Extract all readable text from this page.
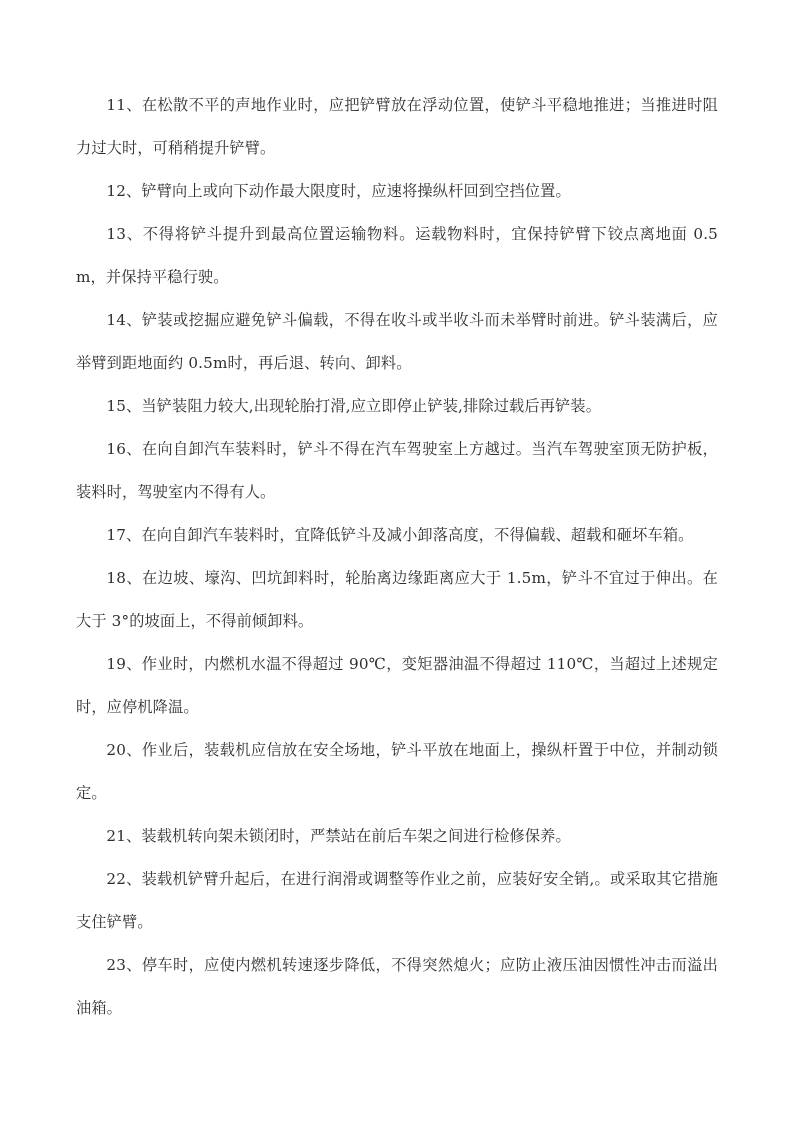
11、在松散不平的声地作业时，应把铲臂放在浮动位置，使铲斗平稳地推进；当推进时阻力过大时，可稍稍提升铲臂。

12、铲臂向上或向下动作最大限度时，应速将操纵杆回到空挡位置。

13、不得将铲斗提升到最高位置运输物料。运载物料时，宜保持铲臂下铰点离地面 0.5m，并保持平稳行驶。

14、铲装或挖掘应避免铲斗偏载，不得在收斗或半收斗而未举臂时前进。铲斗装满后，应举臂到距地面约 0.5m时，再后退、转向、卸料。

15、当铲装阻力较大,出现轮胎打滑,应立即停止铲装,排除过载后再铲装。

16、在向自卸汽车装料时，铲斗不得在汽车驾驶室上方越过。当汽车驾驶室顶无防护板，装料时，驾驶室内不得有人。

17、在向自卸汽车装料时，宜降低铲斗及减小卸落高度，不得偏载、超载和砸坏车箱。

18、在边坡、壕沟、凹坑卸料时，轮胎离边缘距离应大于 1.5m，铲斗不宜过于伸出。在大于 3°的坡面上，不得前倾卸料。

19、作业时，内燃机水温不得超过 90℃，变矩器油温不得超过 110℃，当超过上述规定时，应停机降温。

20、作业后，装载机应信放在安全场地，铲斗平放在地面上，操纵杆置于中位，并制动锁定。

21、装载机转向架未锁闭时，严禁站在前后车架之间进行检修保养。

22、装载机铲臂升起后，在进行润滑或调整等作业之前，应装好安全销,。或采取其它措施支住铲臂。

23、停车时，应使内燃机转速逐步降低，不得突然熄火；应防止液压油因惯性冲击而溢出油箱。
